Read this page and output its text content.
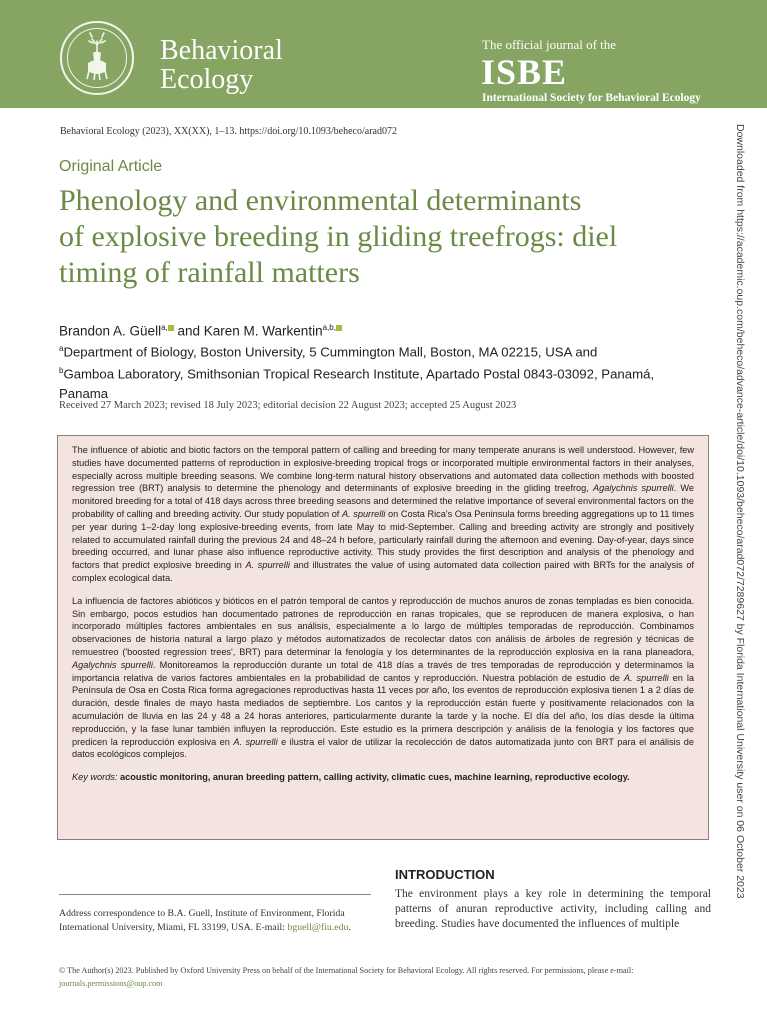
Behavioral
Ecology
The official journal of the
ISBE
International Society for Behavioral Ecology
Behavioral Ecology (2023), XX(XX), 1–13. https://doi.org/10.1093/beheco/arad072	Downloaded from https://academic.oup.com/beheco/advance-article/doi/10.1093/beheco/arad072/7289627 by Florida International University user on 06 October 2023
Original Article
Phenology and environmental determinants
of explosive breeding in gliding treefrogs: diel
timing of rainfall matters
Brandon A. Güell$^{a,}$ and Karen M. Warkentin$^{a,b,}$
$^a$Department of Biology, Boston University, 5 Cummington Mall, Boston, MA 02215, USA and
$^b$Gamboa Laboratory, Smithsonian Tropical Research Institute, Apartado Postal 0843-03092, Panamá, Panama
Received 27 March 2023; revised 18 July 2023; editorial decision 22 August 2023; accepted 25 August 2023

The influence of abiotic and biotic factors on the temporal pattern of calling and breeding for many temperate anurans is well understood. However, few studies have documented patterns of reproduction in explosive-breeding tropical frogs or incorporated multiple environmental factors in their analyses, especially across multiple breeding seasons. We combine long-term natural history observations and automated data collection methods with boosted regression tree (BRT) analysis to determine the phenology and determinants of explosive breeding in the gliding treefrog, Agalychnis spurrelli. We monitored breeding for a total of 418 days across three breeding seasons and determined the relative importance of several environmental factors on the probability of calling and breeding activity. Our study population of A. spurrelli on Costa Rica's Osa Peninsula forms breeding aggregations up to 11 times per year during 1–2-day long explosive-breeding events, from late May to mid-September. Calling and breeding activity are strongly and positively related to accumulated rainfall during the previous 24 and 48–24 h before, particularly rainfall during the afternoon and evening. Day-of-year, days since breeding occurred, and lunar phase also influence reproductive activity. This study provides the first description and analysis of the phenology and factors that predict explosive breeding in A. spurrelli and illustrates the value of using automated data collection paired with BRTs for the analysis of complex ecological data.

La influencia de factores abióticos y bióticos en el patrón temporal de cantos y reproducción de muchos anuros de zonas templadas es bien conocida. Sin embargo, pocos estudios han documentado patrones de reproducción en ranas tropicales, que se reproducen de manera explosiva, o han incorporado múltiples factores ambientales en sus análisis, especialmente a lo largo de múltiples temporadas de reproducción. Combinamos observaciones de historia natural a largo plazo y métodos automatizados de recolectar datos con análisis de árboles de regresión y técnicas de remuestreo ('boosted regression trees', BRT) para determinar la fenología y los determinantes de la reproducción explosiva en la rana planeadora, Agalychnis spurrelli. Monitoreamos la reproducción durante un total de 418 días a través de tres temporadas de reproducción y determinamos la importancia relativa de varios factores ambientales en la probabilidad de cantos y reproducción. Nuestra población de estudio de A. spurrelli en la Península de Osa en Costa Rica forma agregaciones reproductivas hasta 11 veces por año, los eventos de reproducción explosiva tienen 1 a 2 días de duración, desde finales de mayo hasta mediados de septiembre. Los cantos y la reproducción están fuerte y positivamente relacionados con la acumulación de lluvia en las 24 y 48 a 24 horas anteriores, particularmente durante la tarde y la noche. El día del año, los días desde la última reproducción, y la fase lunar también influyen la reproducción. Este estudio es la primera descripción y análisis de la fenología y los factores que predicen la reproducción explosiva en A. spurrelli e ilustra el valor de utilizar la recolección de datos automatizada junto con BRT para el análisis de datos ecológicos complejos.

Key words: acoustic monitoring, anuran breeding pattern, calling activity, climatic cues, machine learning, reproductive ecology.

INTRODUCTION
The environment plays a key role in determining the temporal patterns of anuran reproductive activity, including calling and breeding. Studies have documented the influences of multiple
Address correspondence to B.A. Guell, Institute of Environment, Florida International University, Miami, FL 33199, USA. E-mail: bguell@fiu.edu.
© The Author(s) 2023. Published by Oxford University Press on behalf of the International Society for Behavioral Ecology. All rights reserved. For permissions, please e-mail:
journals.permissions@oup.com
